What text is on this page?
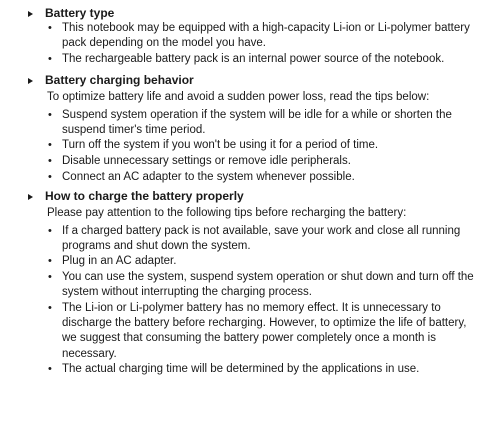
Battery type
• This notebook may be equipped with a high-capacity Li-ion or Li-polymer battery pack depending on the model you have.
• The rechargeable battery pack is an internal power source of the notebook.
Battery charging behavior
To optimize battery life and avoid a sudden power loss, read the tips below:
• Suspend system operation if the system will be idle for a while or shorten the suspend timer's time period.
• Turn off the system if you won't be using it for a period of time.
• Disable unnecessary settings or remove idle peripherals.
• Connect an AC adapter to the system whenever possible.
How to charge the battery properly
Please pay attention to the following tips before recharging the battery:
• If a charged battery pack is not available, save your work and close all running programs and shut down the system.
• Plug in an AC adapter.
• You can use the system, suspend system operation or shut down and turn off the system without interrupting the charging process.
• The Li-ion or Li-polymer battery has no memory effect. It is unnecessary to discharge the battery before recharging. However, to optimize the life of battery, we suggest that consuming the battery power completely once a month is necessary.
• The actual charging time will be determined by the applications in use.
